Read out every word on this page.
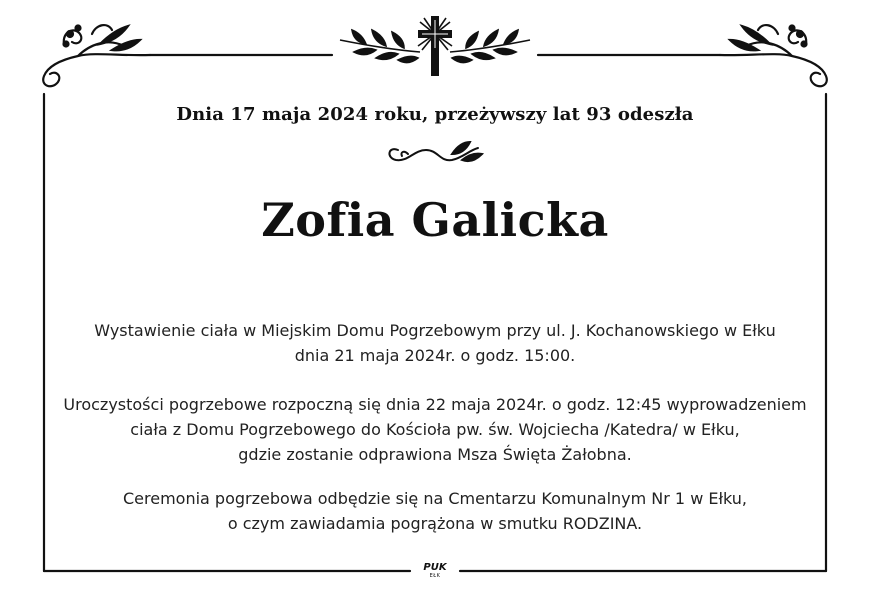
Dnia 17 maja 2024 roku, przeżywszy lat 93 odeszła
Zofia Galicka
Wystawienie ciała w Miejskim Domu Pogrzebowym przy ul. J. Kochanowskiego w Ełku
dnia 21 maja 2024r. o godz. 15:00.
Uroczystości pogrzebowe rozpoczną się dnia 22 maja 2024r. o godz. 12:45 wyprowadzeniem
ciała z Domu Pogrzebowego do Kościoła pw. św. Wojciecha /Katedra/ w Ełku,
gdzie zostanie odprawiona Msza Święta Żałobna.
Ceremonia pogrzebowa odbędzie się na Cmentarzu Komunalnym Nr 1 w Ełku,
o czym zawiadamia pogrążona w smutku RODZINA.
PUK
EŁK
